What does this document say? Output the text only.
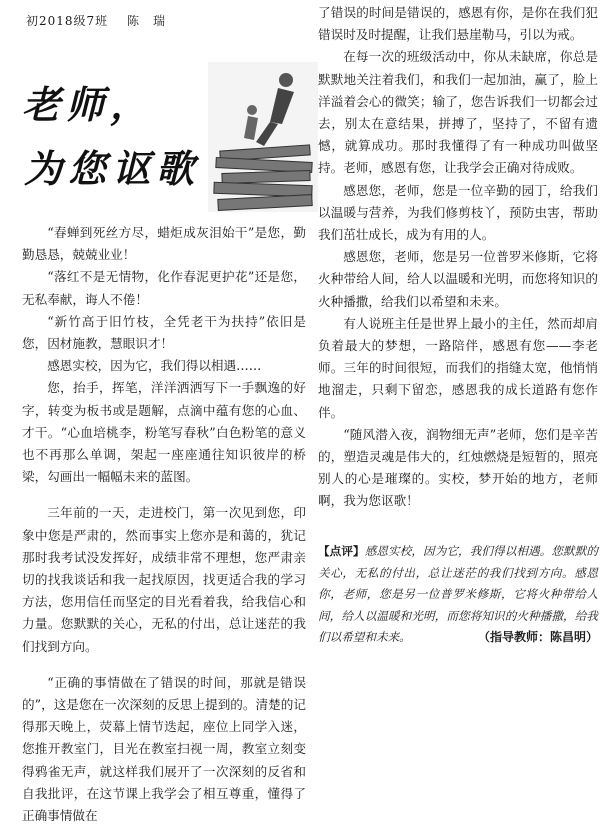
初2018级7班 陈　瑞
老师，
为您讴歌

“春蝉到死丝方尽，蜡炬成灰泪始干”是您，勤勤恳恳，兢兢业业！

“落红不是无情物，化作春泥更护花”还是您，无私奉献，诲人不倦！

“新竹高于旧竹枝，全凭老干为扶持”依旧是您，因材施教，慧眼识才！

感恩实校，因为它，我们得以相遇……

您，抬手，挥笔，洋洋洒洒写下一手飘逸的好字，转变为板书或是题解，点滴中蕴有您的心血、才干。“心血培桃李，粉笔写春秋”白色粉笔的意义也不再那么单调，架起一座座通往知识彼岸的桥梁，勾画出一幅幅未来的蓝图。

三年前的一天，走进校门，第一次见到您，印象中您是严肃的，然而事实上您亦是和蔼的，犹记那时我考试没发挥好，成绩非常不理想，您严肃亲切的找我谈话和我一起找原因，找更适合我的学习方法，您用信任而坚定的目光看着我，给我信心和力量。您默默的关心，无私的付出，总让迷茫的我们找到方向。

“正确的事情做在了错误的时间，那就是错误的”，这是您在一次深刻的反思上提到的。清楚的记得那天晚上，荧幕上情节迭起，座位上同学入迷，您推开教室门，目光在教室扫视一周，教室立刻变得鸦雀无声，就这样我们展开了一次深刻的反省和自我批评，在这节课上我学会了相互尊重，懂得了正确事情做在

了错误的时间是错误的，感恩有你，是你在我们犯错误时及时提醒，让我们悬崖勒马，引以为戒。

在每一次的班级活动中，你从未缺席，你总是默默地关注着我们，和我们一起加油，赢了，脸上洋溢着会心的微笑；输了，您告诉我们一切都会过去，别太在意结果，拼搏了，坚持了，不留有遗憾，就算成功。那时我懂得了有一种成功叫做坚持。老师，感恩有您，让我学会正确对待成败。

感恩您，老师，您是一位辛勤的园丁，给我们以温暖与营养，为我们修剪枝丫，预防虫害，帮助我们茁壮成长，成为有用的人。

感恩您，老师，您是另一位普罗米修斯，它将火种带给人间，给人以温暖和光明，而您将知识的火种播撒，给我们以希望和未来。

有人说班主任是世界上最小的主任，然而却肩负着最大的梦想，一路陪伴，感恩有您——李老师。三年的时间很短，而我们的指缝太宽，他悄悄地溜走，只剩下留恋，感恩我的成长道路有您作伴。

“随风潜入夜，润物细无声”老师，您们是辛苦的，塑造灵魂是伟大的，红烛燃烧是短暂的，照亮别人的心是璀璨的。实校，梦开始的地方，老师啊，我为您讴歌！

【点评】感恩实校，因为它，我们得以相遇。您默默的关心，无私的付出，总让迷茫的我们找到方向。感恩你，老师，您是另一位普罗米修斯，它将火种带给人间，给人以温暖和光明，而您将知识的火种播撒，给我们以希望和未来。	（指导教师：陈昌明）
